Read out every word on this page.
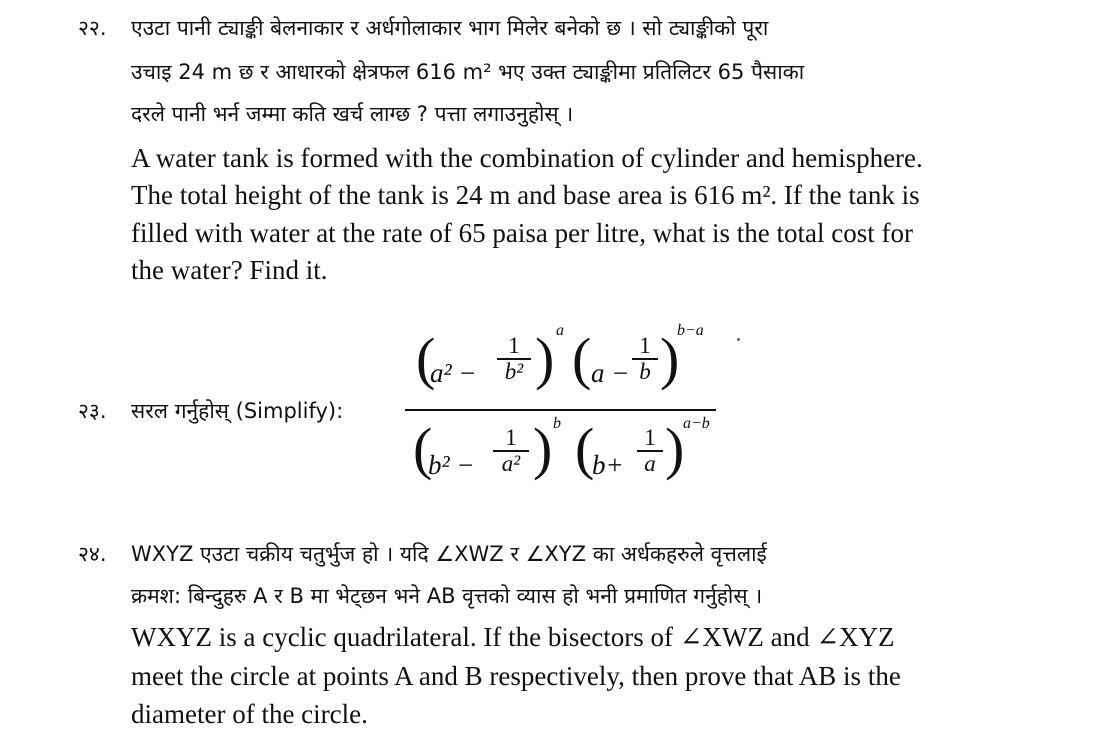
२२. एउटा पानी ट्याङ्की बेलनाकार र अर्धगोलाकार भाग मिलेर बनेको छ । सो ट्याङ्कीको पूरा
उचाइ 24 m छ र आधारको क्षेत्रफल 616 m² भए उक्त ट्याङ्कीमा प्रतिलिटर 65 पैसाका
दरले पानी भर्न जम्मा कति खर्च लाग्छ ? पत्ता लगाउनुहोस् ।
A water tank is formed with the combination of cylinder and hemisphere.
The total height of the tank is 24 m and base area is 616 m². If the tank is
filled with water at the rate of 65 paisa per litre, what is the total cost for
the water? Find it.
२३. सरल गर्नुहोस् (Simplify):
(
a² −
1
b² ) a ( a −
1
b )
b−a
(
b² −
1
a² ) b (
b+
1
a )
a−b
२४. WXYZ एउटा चक्रीय चतुर्भुज हो । यदि ∠XWZ र ∠XYZ का अर्धकहरुले वृत्तलाई
क्रमश: बिन्दुहरु A र B मा भेट्छन भने AB वृत्तको व्यास हो भनी प्रमाणित गर्नुहोस् ।
WXYZ is a cyclic quadrilateral. If the bisectors of ∠XWZ and ∠XYZ
meet the circle at points A and B respectively, then prove that AB is the
diameter of the circle.
